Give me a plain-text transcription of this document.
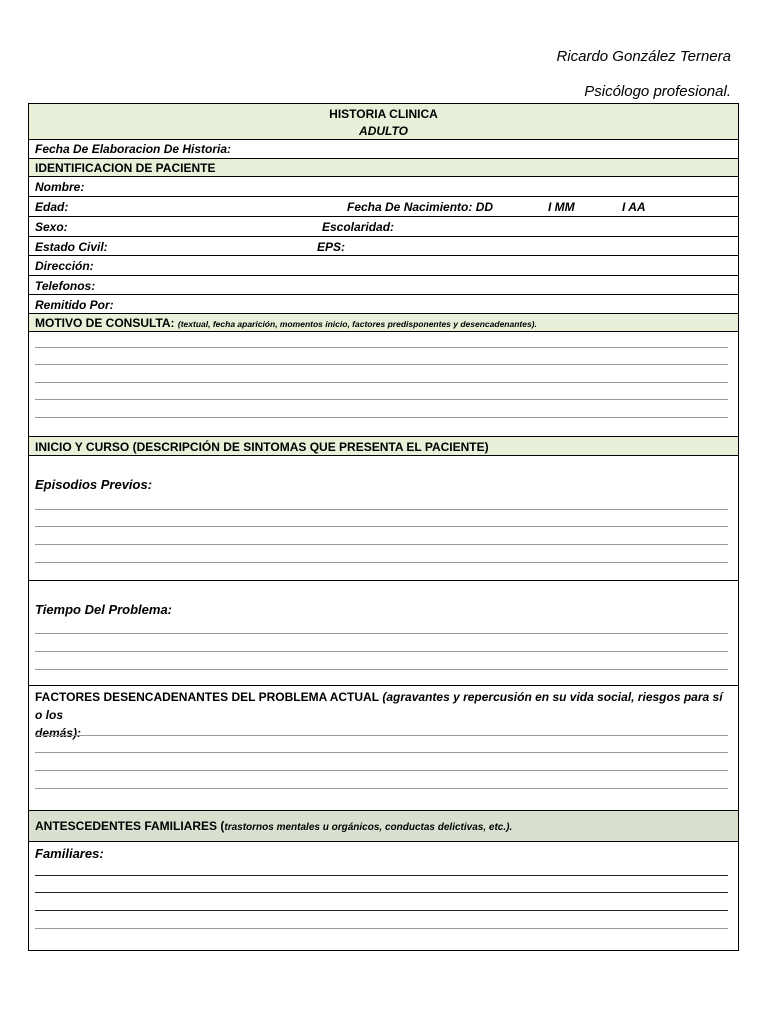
Ricardo González Ternera
Psicólogo profesional.
HISTORIA CLINICA
ADULTO
Fecha De Elaboracion De Historia:
IDENTIFICACION DE PACIENTE
Nombre:
Edad:	Fecha De Nacimiento: DD	I MM	I AA
Sexo:	Escolaridad:
Estado Civil:	EPS:
Dirección:
Telefonos:
Remitido Por:
MOTIVO DE CONSULTA: (textual, fecha aparición, momentos inicio, factores predisponentes y desencadenantes).
INICIO Y CURSO (DESCRIPCIÓN DE SINTOMAS QUE PRESENTA EL PACIENTE)
Episodios Previos:
Tiempo Del Problema:
FACTORES DESENCADENANTES DEL PROBLEMA ACTUAL (agravantes y repercusión en su vida social, riesgos para sí o los
demás):
ANTESCEDENTES FAMILIARES (trastornos mentales u orgánicos, conductas delictivas, etc.).
Familiares:
